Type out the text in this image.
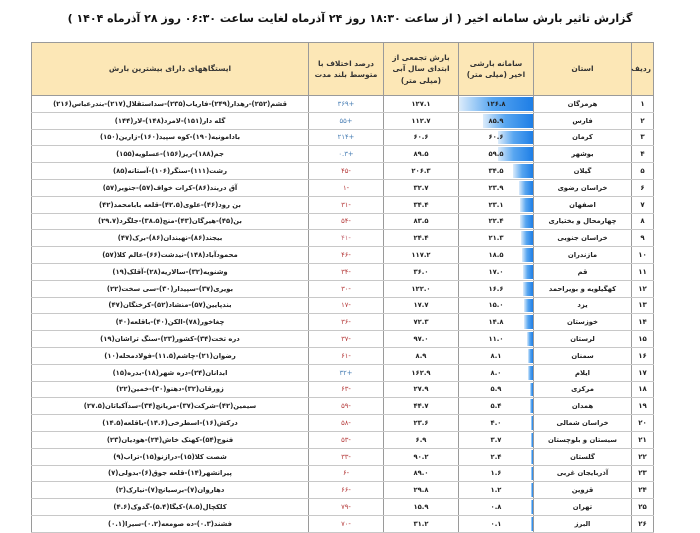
گزارش تاثیر بارش سامانه اخیر ( از ساعت ۱۸:۳۰ روز ۲۴ آذرماه لغایت ساعت ۰۶:۳۰ روز ۲۸ آذرماه ۱۴۰۴ )
ردیف	استان	سامانه بارشی اخیر (میلی متر)	بارش تجمعی از ابتدای سال آبی (میلی متر)	درصد اختلاف با متوسط بلند مدت	ایستگاههای دارای بیشترین بارش
۱	هرمزگان	۱۲۶.۸	۱۲۷.۱	+۳۶۹	قشم(۲۵۲)-رهدار(۲۴۹)-فاریاب(۲۳۵)-سداستقلال(۲۱۷)-بندرعباس(۲۱۶)
۲	فارس	۸۵.۹	۱۱۲.۷	+۵۵	گله دار(۱۵۱)-لامرد(۱۴۸)-لار(۱۴۴)
۳	کرمان	۶۰.۶	۶۰.۶	+۲۱۴	بادامونیه(۱۹۰)-کوه سپید(۱۶۰)-زارین(۱۵۰)
۴	بوشهر	۵۹.۵	۸۹.۵	+۰.۳	جم(۱۸۸)-ریز(۱۵۶)-عسلویه(۱۵۵)
۵	گیلان	۳۴.۵	۲۰۶.۳	-۴۵	رشت(۱۱۱)-سنگر(۱۰۶)-آستانه(۸۵)
۶	خراسان رضوی	۲۳.۹	۳۲.۷	-۱	آق دربند(۸۶)-کرات خواف(۵۷)-جنوبر(۵۷)
۷	اصفهان	۲۳.۱	۳۴.۴	-۳۱	بن رود(۴۶)-علوی(۴۲.۵)-قلعه بابامحمد(۴۲)
۸	چهارمحال و بختیاری	۲۲.۴	۸۳.۵	-۵۴	بن(۴۵)-هیرگان(۴۳)-منج(۳۸.۵)-جلگرد(۲۹.۷)
۹	خراسان جنوبی	۲۱.۳	۲۴.۴	-۴۱	بیجند(۸۶)-نهبندان(۸۶)-برک(۴۷)
۱۰	مازندران	۱۸.۵	۱۱۷.۲	-۴۶	محمودآباد(۱۴۸)-نیدشت(۶۶)-عالم کلا(۵۷)
۱۱	قم	۱۷.۰	۳۶.۰	-۳۴	وشنویه(۳۲)-سالاریه(۲۸)-آقلک(۱۹)
۱۲	کهگیلویه و بویراحمد	۱۶.۶	۱۲۲.۰	-۳۰	بویری(۳۷)-سپیدار(۳۰)-سی سخت(۲۲)
۱۳	یزد	۱۵.۰	۱۷.۷	-۱۷	بندپایین(۵۷)-منشاد(۵۲)-کرخنگان(۴۷)
۱۴	خوزستان	۱۴.۸	۷۲.۳	-۳۶	چغاخور(۷۸)-الکن(۴۰)-باقلعه(۴۰)
۱۵	لرستان	۱۱.۰	۹۷.۰	-۳۷	دره تخت(۳۴)-کشور(۲۳)-سنگ تراشان(۱۹)
۱۶	سمنان	۸.۱	۸.۹	-۶۱	رضوان(۲۱)-چاشم(۱۱.۵)-فولادمحله(۱۰)
۱۷	ایلام	۸.۰	۱۶۲.۹	+۳۲	ابدانان(۲۴)-دره شهر(۱۸)-بدره(۱۵)
۱۸	مرکزی	۵.۹	۲۷.۹	-۶۳	زورقان(۳۲)-دهنو(۳۰)-خمین(۲۲)
۱۹	همدان	۵.۴	۴۴.۷	-۵۹	سیمین(۴۲)-شرکت(۳۷)-مریانج(۳۴)-سدآکباتان(۲۷.۵)
۲۰	خراسان شمالی	۴.۰	۲۳.۶	-۵۸	درکش(۱۶)-اسطرخی(۱۴.۶)-باقلعه(۱۴.۵)
۲۱	سیستان و بلوچستان	۳.۷	۶.۹	-۵۳	فنوج(۵۴)-کهنک خاش(۲۴)-هودیان(۲۳)
۲۲	گلستان	۲.۴	۹۰.۲	-۳۳	شصت کلا(۱۵)-درازنو(۱۵)-تراب(۹)
۲۳	آذربایجان غربی	۱.۶	۸۹.۰	-۶	پیرانشهر(۱۴)-قلعه جوق(۶)-بدولی(۷)
۲۴	قزوین	۱.۲	۲۹.۸	-۶۶	دهاروان(۷)-برسیانج(۷)-نیارک(۲)
۲۵	تهران	۰.۸	۱۵.۹	-۷۹	کلکچال(۸.۵)-کیگا(۵.۴)-گدوک(۴.۶)
۲۶	البرز	۰.۱	۳۱.۲	-۷۰	فشند(۰.۳)-ده صومعه(۰.۲)-سیرا(۰.۱)
